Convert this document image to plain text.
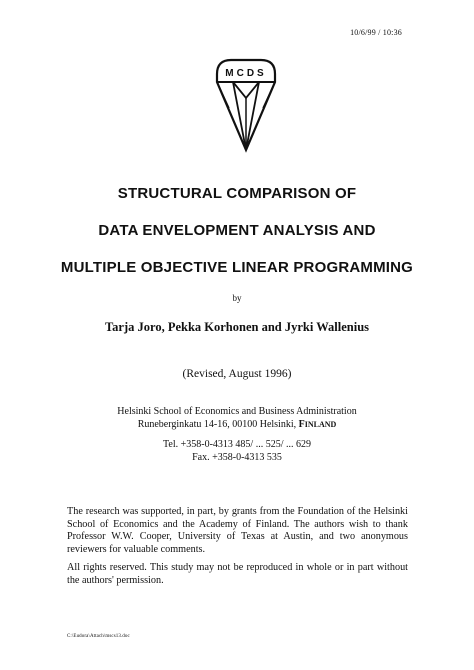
10/6/99 / 10:36
MCDS
STRUCTURAL COMPARISON OF
DATA ENVELOPMENT ANALYSIS AND
MULTIPLE OBJECTIVE LINEAR PROGRAMMING
by
Tarja Joro, Pekka Korhonen and Jyrki Wallenius
(Revised, August 1996)
Helsinki School of Economics and Business Administration
Runeberginkatu 14-16, 00100 Helsinki, FINLAND
Tel. +358-0-4313 485/ ... 525/ ... 629
Fax. +358-0-4313 535
The research was supported, in part, by grants from the Foundation of the Helsinki School of Economics and the Academy of Finland. The authors wish to thank Professor W.W. Cooper, University of Texas at Austin, and two anonymous reviewers for valuable comments.
All rights reserved. This study may not be reproduced in whole or in part without the authors' permission.
C:\Eudora\Attach\mscs13.doc
